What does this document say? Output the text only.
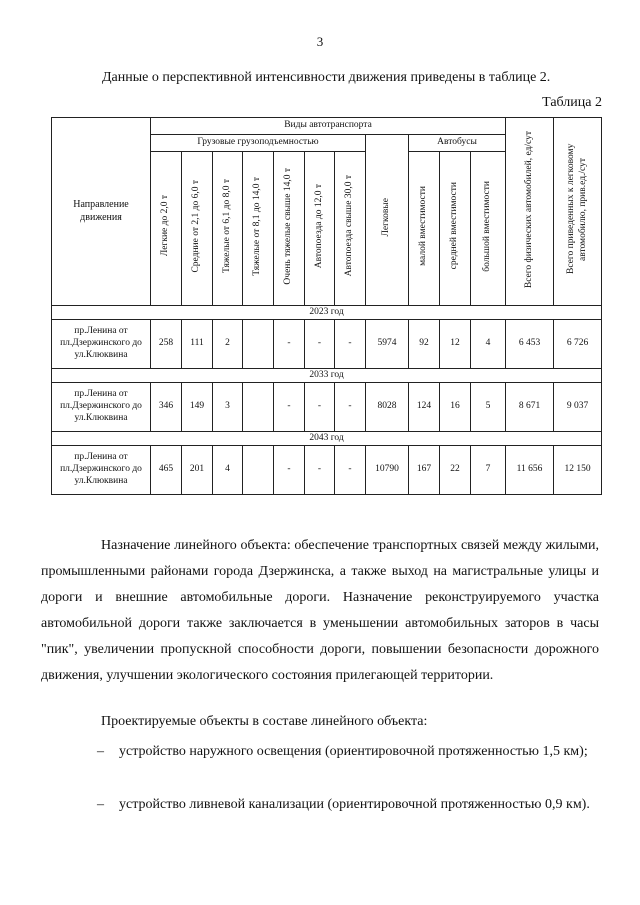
3
Данные о перспективной интенсивности движения приведены в таблице 2.
Таблица 2
Направление движения	Виды автотранспорта											Всего физических автомобилей, ед/сут	Всего приведенных к легковому автомобилю, прив.ед./сут
	Грузовые грузоподъемностью							Легковые	Автобусы				
	Легкие до 2,0 т	Средние от 2,1 до 6,0 т	Тяжелые от 6,1 до 8,0 т	Тяжелые от 8,1 до 14,0 т	Очень тяжелые свыше 14,0 т	Автопоезда до 12,0 т	Автопоезда свыше 30,0 т		малой вместимости	средней вместимости	большой вместимости		
2023 год													
пр.Ленина от пл.Дзержинского до ул.Клюквина	258	111	2		-	-	-	5974	92	12	4	6 453	6 726
2033 год													
пр.Ленина от пл.Дзержинского до ул.Клюквина	346	149	3		-	-	-	8028	124	16	5	8 671	9 037
2043 год													
пр.Ленина от пл.Дзержинского до ул.Клюквина	465	201	4		-	-	-	10790	167	22	7	11 656	12 150
Назначение линейного объекта: обеспечение транспортных связей между жилыми, промышленными районами города Дзержинска, а также выход на магистральные улицы и дороги и внешние автомобильные дороги. Назначение реконструируемого участка автомобильной дороги также заключается в уменьшении автомобильных заторов в часы "пик", увеличении пропускной способности дороги, повышении безопасности дорожного движения, улучшении экологического состояния прилегающей территории.
Проектируемые объекты в составе линейного объекта:
– устройство наружного освещения (ориентировочной протяженностью 1,5 км);
– устройство ливневой канализации (ориентировочной протяженностью 0,9 км).
